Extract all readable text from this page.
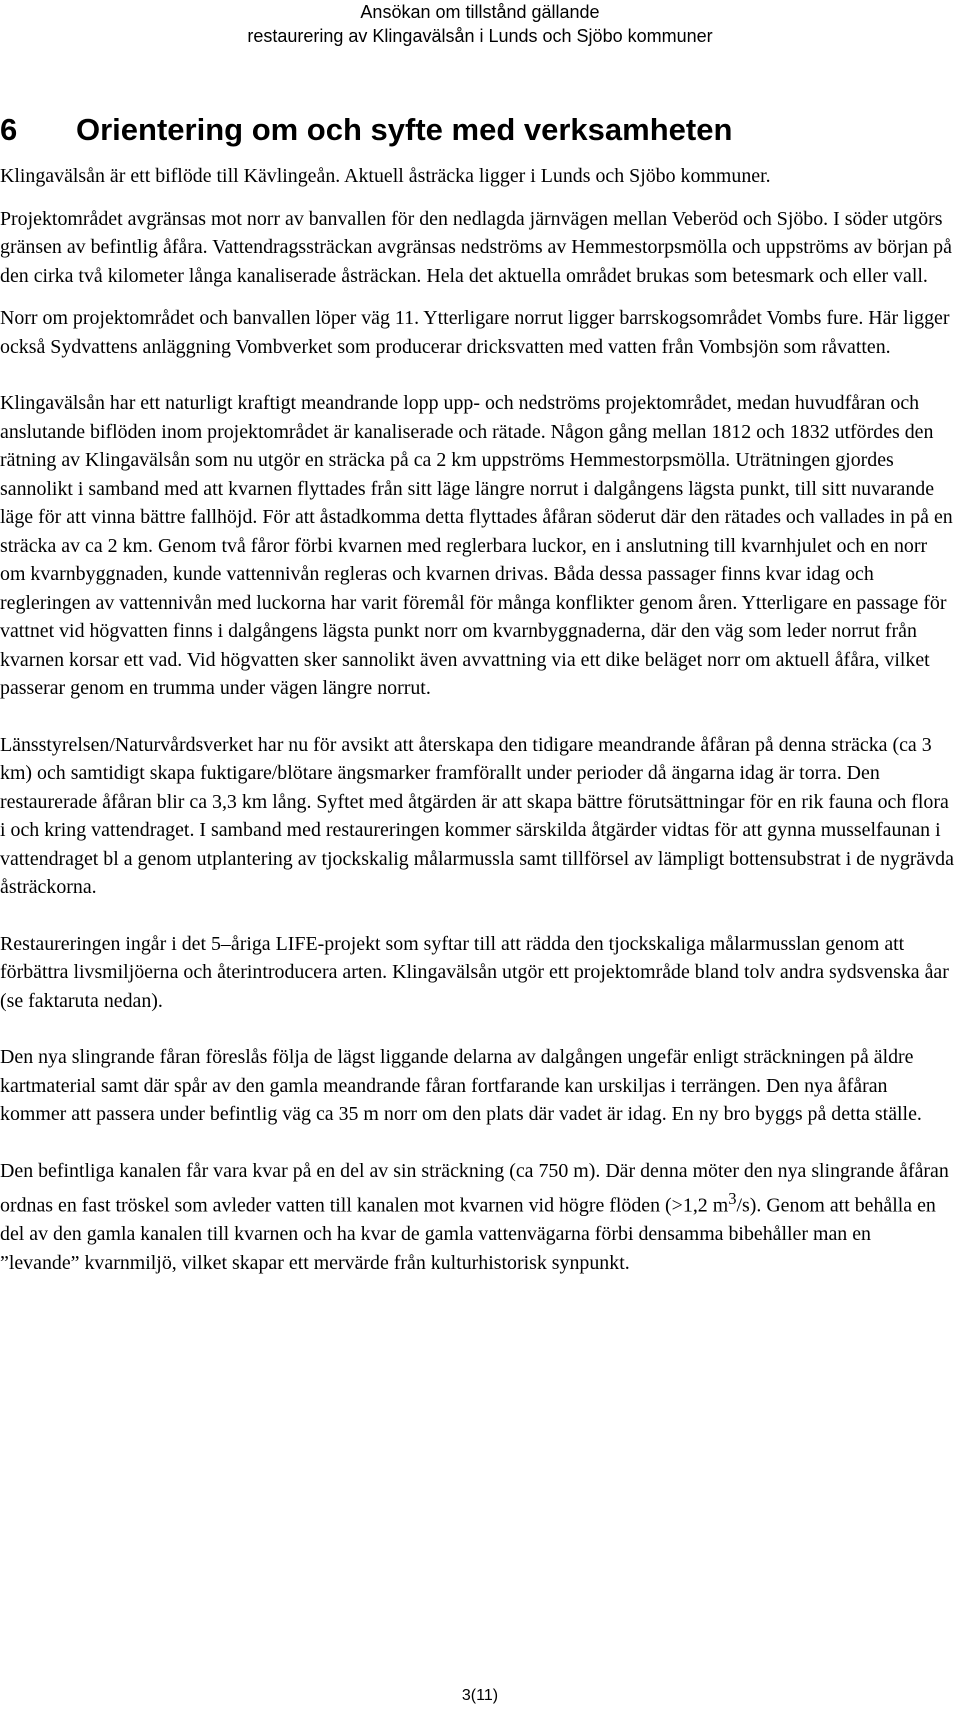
Ansökan om tillstånd gällande
restaurering av Klingavälsån i Lunds och Sjöbo kommuner
6 Orientering om och syfte med verksamheten

Klingavälsån är ett biflöde till Kävlingeån. Aktuell åsträcka ligger i Lunds och Sjöbo kommuner.

Projektområdet avgränsas mot norr av banvallen för den nedlagda järnvägen mellan Veberöd och Sjöbo. I söder utgörs gränsen av befintlig åfåra. Vattendragssträckan avgränsas nedströms av Hemmestorpsmölla och uppströms av början på den cirka två kilometer långa kanaliserade åsträckan. Hela det aktuella området brukas som betesmark och eller vall.

Norr om projektområdet och banvallen löper väg 11. Ytterligare norrut ligger barrskogsområdet Vombs fure. Här ligger också Sydvattens anläggning Vombverket som producerar dricksvatten med vatten från Vombsjön som råvatten.

Klingavälsån har ett naturligt kraftigt meandrande lopp upp- och nedströms projektområdet, medan huvudfåran och anslutande biflöden inom projektområdet är kanaliserade och rätade. Någon gång mellan 1812 och 1832 utfördes den rätning av Klingavälsån som nu utgör en sträcka på ca 2 km uppströms Hemmestorpsmölla. Uträtningen gjordes sannolikt i samband med att kvarnen flyttades från sitt läge längre norrut i dalgångens lägsta punkt, till sitt nuvarande läge för att vinna bättre fallhöjd. För att åstadkomma detta flyttades åfåran söderut där den rätades och vallades in på en sträcka av ca 2 km. Genom två fåror förbi kvarnen med reglerbara luckor, en i anslutning till kvarnhjulet och en norr om kvarnbyggnaden, kunde vattennivån regleras och kvarnen drivas. Båda dessa passager finns kvar idag och regleringen av vattennivån med luckorna har varit föremål för många konflikter genom åren. Ytterligare en passage för vattnet vid högvatten finns i dalgångens lägsta punkt norr om kvarnbyggnaderna, där den väg som leder norrut från kvarnen korsar ett vad. Vid högvatten sker sannolikt även avvattning via ett dike beläget norr om aktuell åfåra, vilket passerar genom en trumma under vägen längre norrut.

Länsstyrelsen/Naturvårdsverket har nu för avsikt att återskapa den tidigare meandrande åfåran på denna sträcka (ca 3 km) och samtidigt skapa fuktigare/blötare ängsmarker framförallt under perioder då ängarna idag är torra. Den restaurerade åfåran blir ca 3,3 km lång. Syftet med åtgärden är att skapa bättre förutsättningar för en rik fauna och flora i och kring vattendraget. I samband med restaureringen kommer särskilda åtgärder vidtas för att gynna musselfaunan i vattendraget bl a genom utplantering av tjockskalig målarmussla samt tillförsel av lämpligt bottensubstrat i de nygrävda åsträckorna.

Restaureringen ingår i det 5–åriga LIFE-projekt som syftar till att rädda den tjockskaliga målarmusslan genom att förbättra livsmiljöerna och återintroducera arten. Klingavälsån utgör ett projektområde bland tolv andra sydsvenska åar (se faktaruta nedan).

Den nya slingrande fåran föreslås följa de lägst liggande delarna av dalgången ungefär enligt sträckningen på äldre kartmaterial samt där spår av den gamla meandrande fåran fortfarande kan urskiljas i terrängen. Den nya åfåran kommer att passera under befintlig väg ca 35 m norr om den plats där vadet är idag. En ny bro byggs på detta ställe.

Den befintliga kanalen får vara kvar på en del av sin sträckning (ca 750 m). Där denna möter den nya slingrande åfåran ordnas en fast tröskel som avleder vatten till kanalen mot kvarnen vid högre flöden (>1,2 $m^3/s$). Genom att behålla en del av den gamla kanalen till kvarnen och ha kvar de gamla vattenvägarna förbi densamma bibehåller man en ”levande” kvarnmiljö, vilket skapar ett mervärde från kulturhistorisk synpunkt.

3(11)
